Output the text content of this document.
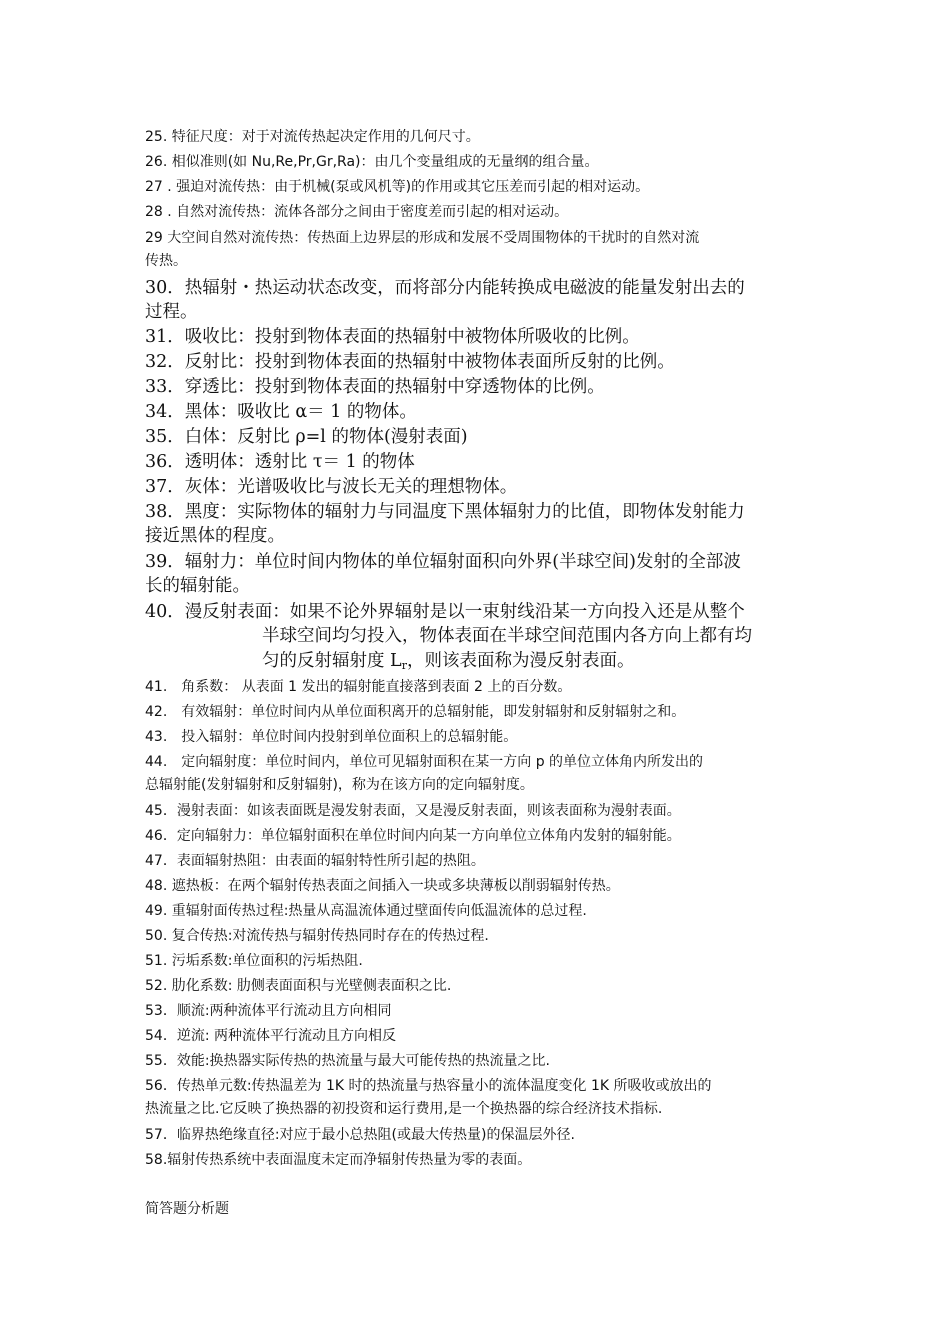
25. 特征尺度：对于对流传热起决定作用的几何尺寸。

26. 相似准则(如 Nu,Re,Pr,Gr,Ra)：由几个变量组成的无量纲的组合量。

27 . 强迫对流传热：由于机械(泵或风机等)的作用或其它压差而引起的相对运动。

28 . 自然对流传热：流体各部分之间由于密度差而引起的相对运动。

29 大空间自然对流传热：传热面上边界层的形成和发展不受周围物体的干扰时的自然对流

传热。

30．热辐射・热运动状态改变，而将部分内能转换成电磁波的能量发射出去的

过程。

31．吸收比：投射到物体表面的热辐射中被物体所吸收的比例。

32．反射比：投射到物体表面的热辐射中被物体表面所反射的比例。

33．穿透比：投射到物体表面的热辐射中穿透物体的比例。

34．黑体：吸收比 α＝ 1 的物体。

35．白体：反射比 ρ=l 的物体(漫射表面)

36．透明体：透射比 τ＝ 1 的物体

37．灰体：光谱吸收比与波长无关的理想物体。

38．黑度：实际物体的辐射力与同温度下黑体辐射力的比值，即物体发射能力

接近黑体的程度。

39．辐射力：单位时间内物体的单位辐射面积向外界(半球空间)发射的全部波

长的辐射能。

40．漫反射表面：如果不论外界辐射是以一束射线沿某一方向投入还是从整个

半球空间均匀投入，物体表面在半球空间范围内各方向上都有均

匀的反射辐射度 $L_r$，则该表面称为漫反射表面。

41.　角系数： 从表面 1 发出的辐射能直接落到表面 2 上的百分数。

42.　有效辐射：单位时间内从单位面积离开的总辐射能，即发射辐射和反射辐射之和。

43.　投入辐射：单位时间内投射到单位面积上的总辐射能。

44.　定向辐射度：单位时间内，单位可见辐射面积在某一方向 p 的单位立体角内所发出的

总辐射能(发射辐射和反射辐射)，称为在该方向的定向辐射度。

45．漫射表面：如该表面既是漫发射表面，又是漫反射表面，则该表面称为漫射表面。

46．定向辐射力：单位辐射面积在单位时间内向某一方向单位立体角内发射的辐射能。

47．表面辐射热阻：由表面的辐射特性所引起的热阻。

48. 遮热板：在两个辐射传热表面之间插入一块或多块薄板以削弱辐射传热。

49. 重辐射面传热过程:热量从高温流体通过壁面传向低温流体的总过程.

50. 复合传热:对流传热与辐射传热同时存在的传热过程.

51. 污垢系数:单位面积的污垢热阻.

52. 肋化系数: 肋侧表面面积与光壁侧表面积之比.

53．顺流:两种流体平行流动且方向相同

54．逆流: 两种流体平行流动且方向相反

55．效能:换热器实际传热的热流量与最大可能传热的热流量之比.

56．传热单元数:传热温差为 1K 时的热流量与热容量小的流体温度变化 1K 所吸收或放出的

热流量之比.它反映了换热器的初投资和运行费用,是一个换热器的综合经济技术指标.

57．临界热绝缘直径:对应于最小总热阻(或最大传热量)的保温层外径.

58.辐射传热系统中表面温度未定而净辐射传热量为零的表面。

简答题分析题
